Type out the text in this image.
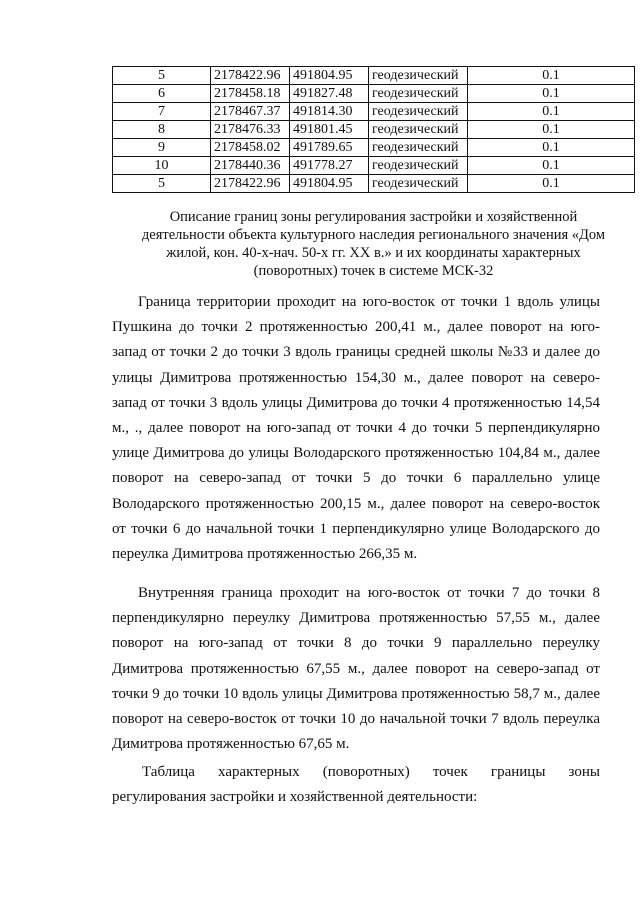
5	2178422.96	491804.95	геодезический	0.1
6	2178458.18	491827.48	геодезический	0.1
7	2178467.37	491814.30	геодезический	0.1
8	2178476.33	491801.45	геодезический	0.1
9	2178458.02	491789.65	геодезический	0.1
10	2178440.36	491778.27	геодезический	0.1
5	2178422.96	491804.95	геодезический	0.1
Описание границ зоны регулирования застройки и хозяйственной
деятельности объекта культурного наследия регионального значения «Дом
жилой, кон. 40-х-нач. 50-х гг. XX в.» и их координаты характерных
(поворотных) точек в системе МСК-32

Граница территории проходит на юго-восток от точки 1 вдоль улицы Пушкина до точки 2 протяженностью 200,41 м., далее поворот на юго-запад от точки 2 до точки 3 вдоль границы средней школы №33 и далее до улицы Димитрова протяженностью 154,30 м., далее поворот на северо-запад от точки 3 вдоль улицы Димитрова до точки 4 протяженностью 14,54 м., ., далее поворот на юго-запад от точки 4 до точки 5 перпендикулярно улице Димитрова до улицы Володарского протяженностью 104,84 м., далее поворот на северо-запад от точки 5 до точки 6 параллельно улице Володарского протяженностью 200,15 м., далее поворот на северо-восток от точки 6 до начальной точки 1 перпендикулярно улице Володарского до переулка Димитрова протяженностью 266,35 м.

Внутренняя граница проходит на юго-восток от точки 7 до точки 8 перпендикулярно переулку Димитрова протяженностью 57,55 м., далее поворот на юго-запад от точки 8 до точки 9 параллельно переулку Димитрова протяженностью 67,55 м., далее поворот на северо-запад от точки 9 до точки 10 вдоль улицы Димитрова протяженностью 58,7 м., далее поворот на северо-восток от точки 10 до начальной точки 7 вдоль переулка Димитрова протяженностью 67,65 м.

Таблица характерных (поворотных) точек границы зоны регулирования застройки и хозяйственной деятельности:
